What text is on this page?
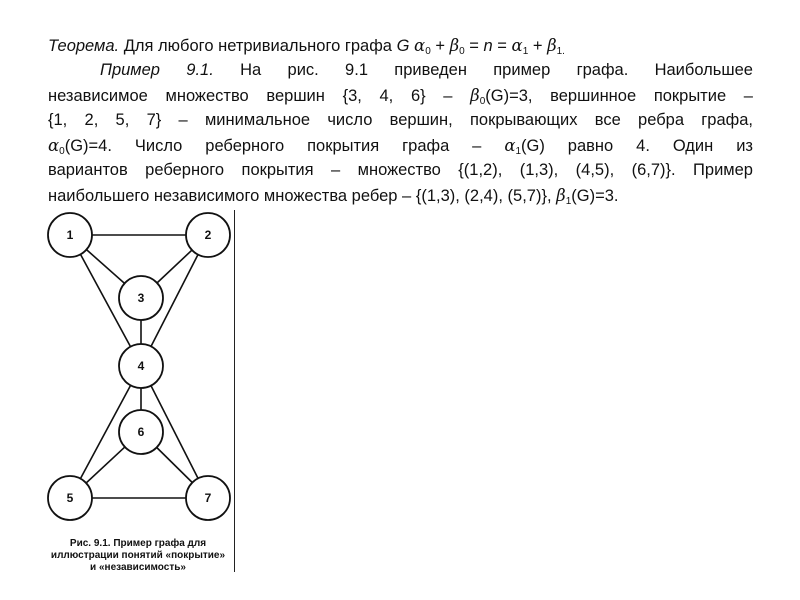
Теорема. Для любого нетривиального графа G $\alpha_0 + \beta_0 = n = \alpha_1 + \beta_{1.}$
Пример 9.1. На рис. 9.1 приведен пример графа. Наибольшее
независимое множество вершин {3, 4, $6\} - \beta_0(G)=3$, вершинное покрытие –
{1, 2, 5, 7} – минимальное число вершин, покрывающих все ребра графа,
$\alpha_0(G)=4$. Число реберного покрытия графа – $\alpha_1(G)$ равно 4. Один из
вариантов реберного покрытия – множество {(1,2), (1,3), (4,5), (6,7)}. Пример
наибольшего независимого множества ребер – {(1,3), (2,4), (5,7)}, $\beta_1(G)=3$.
1	2
3
4
6
5	7
Рис. 9.1. Пример графа для
иллюстрации понятий «покрытие»
и «независимость»
